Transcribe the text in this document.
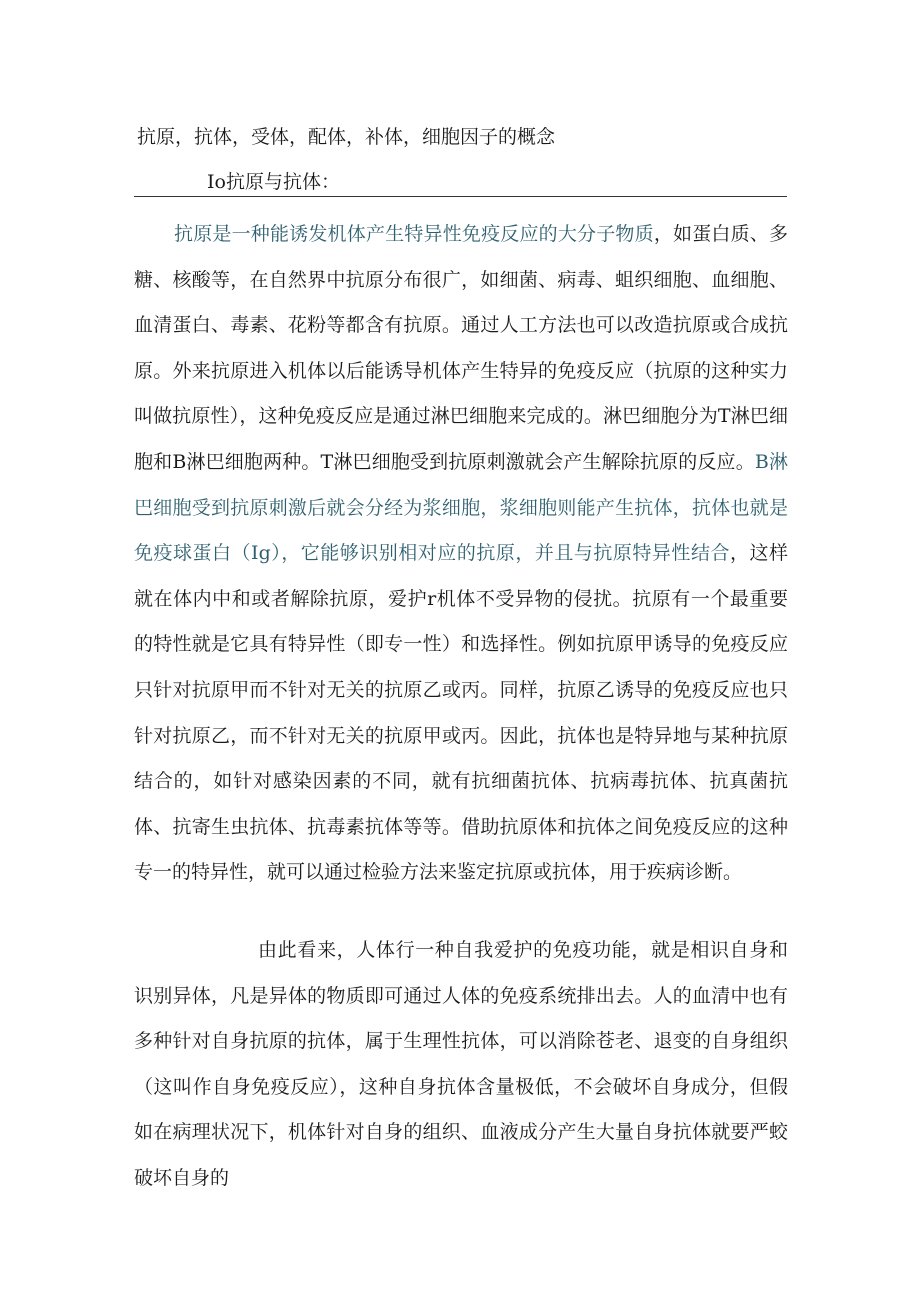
抗原，抗体，受体，配体，补体，细胞因子的概念
Io抗原与抗体：

抗原是一种能诱发机体产生特异性免疫反应的大分子物质，如蛋白质、多糖、核酸等，在自然界中抗原分布很广，如细菌、病毒、蛆织细胞、血细胞、血清蛋白、毒素、花粉等都含有抗原。通过人工方法也可以改造抗原或合成抗原。外来抗原进入机体以后能诱导机体产生特异的免疫反应（抗原的这种实力叫做抗原性），这种免疫反应是通过淋巴细胞来完成的。淋巴细胞分为T淋巴细胞和B淋巴细胞两种。T淋巴细胞受到抗原刺激就会产生解除抗原的反应。B淋巴细胞受到抗原刺激后就会分经为浆细胞，浆细胞则能产生抗体，抗体也就是免疫球蛋白（Ig），它能够识别相对应的抗原，并且与抗原特异性结合，这样就在体内中和或者解除抗原，爱护r机体不受异物的侵扰。抗原有一个最重要的特性就是它具有特异性（即专一性）和选择性。例如抗原甲诱导的免疫反应只针对抗原甲而不针对无关的抗原乙或丙。同样，抗原乙诱导的免疫反应也只针对抗原乙，而不针对无关的抗原甲或丙。因此，抗体也是特异地与某种抗原结合的，如针对感染因素的不同，就有抗细菌抗体、抗病毒抗体、抗真菌抗体、抗寄生虫抗体、抗毒素抗体等等。借助抗原体和抗体之间免疫反应的这种专一的特异性，就可以通过检验方法来鉴定抗原或抗体，用于疾病诊断。

由此看来，人体行一种自我爱护的免疫功能，就是相识自身和识别异体，凡是异体的物质即可通过人体的免疫系统排出去。人的血清中也有多种针对自身抗原的抗体，属于生理性抗体，可以消除苍老、退变的自身组织（这叫作自身免疫反应），这种自身抗体含量极低，不会破坏自身成分，但假如在病理状况下，机体针对自身的组织、血液成分产生大量自身抗体就要严蛟破坏自身的
